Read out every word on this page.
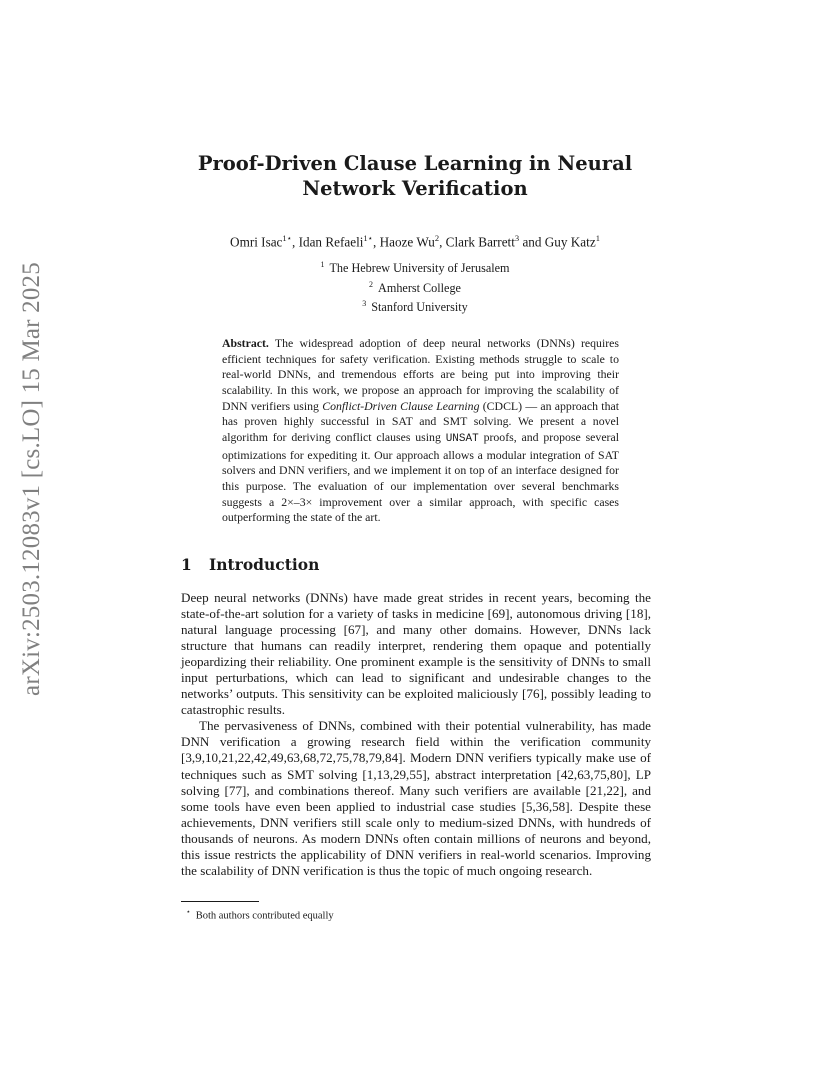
arXiv:2503.12083v1 [cs.LO] 15 Mar 2025
Proof-Driven Clause Learning in Neural
Network Verification
Omri Isac$^{1⋆}$, Idan Refaeli$^{1⋆}$, Haoze Wu$^2$, Clark Barrett$^3$ and Guy Katz$^1$
$^1$ The Hebrew University of Jerusalem
$^2$ Amherst College
$^3$ Stanford University
Abstract. The widespread adoption of deep neural networks (DNNs) requires efficient techniques for safety verification. Existing methods struggle to scale to real-world DNNs, and tremendous efforts are being put into improving their scalability. In this work, we propose an approach for improving the scalability of DNN verifiers using Conflict-Driven Clause Learning (CDCL) — an approach that has proven highly successful in SAT and SMT solving. We present a novel algorithm for deriving conflict clauses using UNSAT proofs, and propose several optimizations for expediting it. Our approach allows a modular integration of SAT solvers and DNN verifiers, and we implement it on top of an interface designed for this purpose. The evaluation of our implementation over several benchmarks suggests a 2×–3× improvement over a similar approach, with specific cases outperforming the state of the art.
1 Introduction

Deep neural networks (DNNs) have made great strides in recent years, becoming the state-of-the-art solution for a variety of tasks in medicine [69], autonomous driving [18], natural language processing [67], and many other domains. However, DNNs lack structure that humans can readily interpret, rendering them opaque and potentially jeopardizing their reliability. One prominent example is the sensitivity of DNNs to small input perturbations, which can lead to significant and undesirable changes to the networks’ outputs. This sensitivity can be exploited maliciously [76], possibly leading to catastrophic results.

The pervasiveness of DNNs, combined with their potential vulnerability, has made DNN verification a growing research field within the verification community [3,9,10,21,22,42,49,63,68,72,75,78,79,84]. Modern DNN verifiers typically make use of techniques such as SMT solving [1,13,29,55], abstract interpretation [42,63,75,80], LP solving [77], and combinations thereof. Many such verifiers are available [21,22], and some tools have even been applied to industrial case studies [5,36,58]. Despite these achievements, DNN verifiers still scale only to medium-sized DNNs, with hundreds of thousands of neurons. As modern DNNs often contain millions of neurons and beyond, this issue restricts the applicability of DNN verifiers in real-world scenarios. Improving the scalability of DNN verification is thus the topic of much ongoing research.

⋆ Both authors contributed equally
